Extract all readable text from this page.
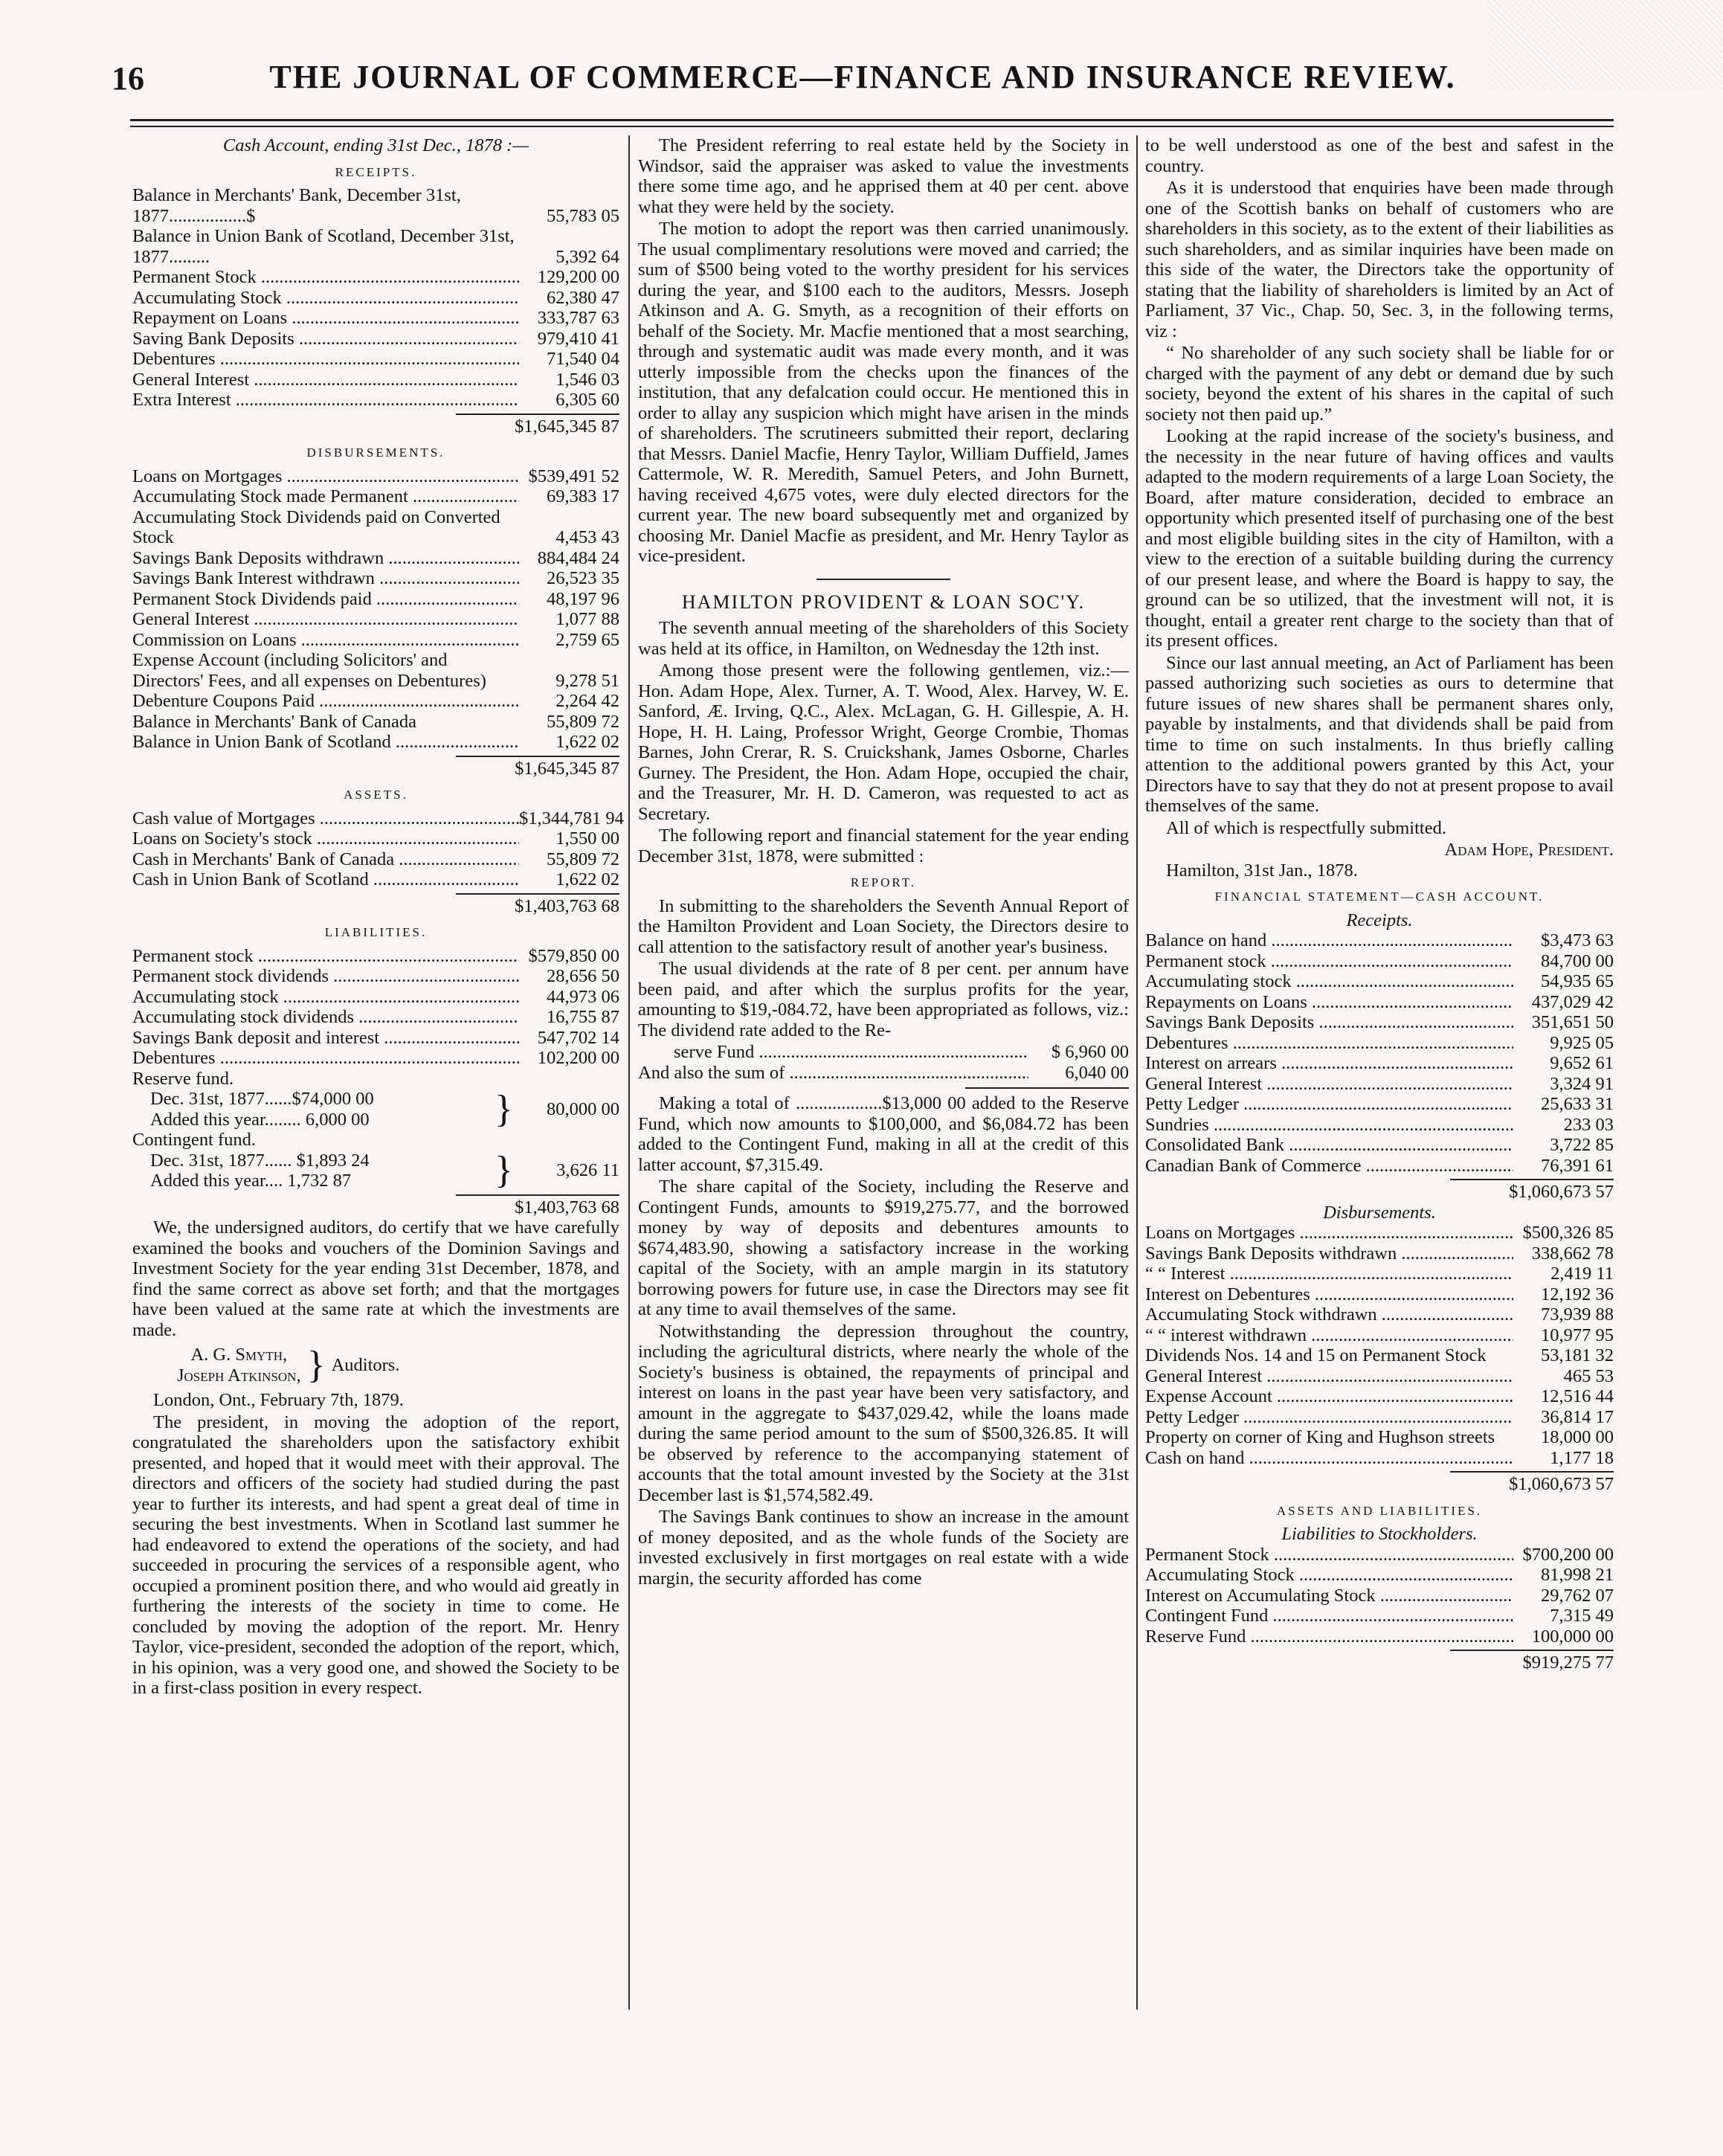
16	THE JOURNAL OF COMMERCE—FINANCE AND INSURANCE REVIEW.
Cash Account, ending 31st Dec., 1878 :—
RECEIPTS.
Balance in Merchants' Bank, December 31st, 1877.................$	55,783 05
Balance in Union Bank of Scotland, December 31st, 1877.........	5,392 64
Permanent Stock .....	129,200 00
Accumulating Stock .....	62,380 47
Repayment on Loans .....	333,787 63
Saving Bank Deposits .....	979,410 41
Debentures .....	71,540 04
General Interest .....	1,546 03
Extra Interest .....	6,305 60
$1,645,345 87
DISBURSEMENTS.
Loans on Mortgages .....	$539,491 52
Accumulating Stock made Permanent .....	69,383 17
Accumulating Stock Dividends paid on Converted Stock	4,453 43
Savings Bank Deposits withdrawn .....	884,484 24
Savings Bank Interest withdrawn .....	26,523 35
Permanent Stock Dividends paid .....	48,197 96
General Interest .....	1,077 88
Commission on Loans .....	2,759 65
Expense Account (including Solicitors' and Directors' Fees, and all expenses on Debentures)	9,278 51
Debenture Coupons Paid .....	2,264 42
Balance in Merchants' Bank of Canada	55,809 72
Balance in Union Bank of Scotland .....	1,622 02
$1,645,345 87
ASSETS.
Cash value of Mortgages .....	$1,344,781 94
Loans on Society's stock .....	1,550 00
Cash in Merchants' Bank of Canada .....	55,809 72
Cash in Union Bank of Scotland .....	1,622 02
$1,403,763 68
LIABILITIES.
Permanent stock .....	$579,850 00
Permanent stock dividends .....	28,656 50
Accumulating stock .....	44,973 06
Accumulating stock dividends .....	16,755 87
Savings Bank deposit and interest .....	547,702 14
Debentures .....	102,200 00
Reserve fund.
Dec. 31st, 1877......$74,000 00
Added this year........ 6,000 00	}	80,000 00
Contingent fund.
Dec. 31st, 1877...... $1,893 24
Added this year.... 1,732 87	}	3,626 11
$1,403,763 68

We, the undersigned auditors, do certify that we have carefully examined the books and vouchers of the Dominion Savings and Investment Society for the year ending 31st December, 1878, and find the same correct as above set forth; and that the mortgages have been valued at the same rate at which the investments are made.

A. G. Smyth,
Joseph Atkinson, } Auditors.

London, Ont., February 7th, 1879.

The president, in moving the adoption of the report, congratulated the shareholders upon the satisfactory exhibit presented, and hoped that it would meet with their approval. The directors and officers of the society had studied during the past year to further its interests, and had spent a great deal of time in securing the best investments. When in Scotland last summer he had endeavored to extend the operations of the society, and had succeeded in procuring the services of a responsible agent, who occupied a prominent position there, and who would aid greatly in furthering the interests of the society in time to come. He concluded by moving the adoption of the report. Mr. Henry Taylor, vice-president, seconded the adoption of the report, which, in his opinion, was a very good one, and showed the Society to be in a first-class position in every respect.

The President referring to real estate held by the Society in Windsor, said the appraiser was asked to value the investments there some time ago, and he apprised them at 40 per cent. above what they were held by the society.

The motion to adopt the report was then carried unanimously. The usual complimentary resolutions were moved and carried; the sum of $500 being voted to the worthy president for his services during the year, and $100 each to the auditors, Messrs. Joseph Atkinson and A. G. Smyth, as a recognition of their efforts on behalf of the Society. Mr. Macfie mentioned that a most searching, through and systematic audit was made every month, and it was utterly impossible from the checks upon the finances of the institution, that any defalcation could occur. He mentioned this in order to allay any suspicion which might have arisen in the minds of shareholders. The scrutineers submitted their report, declaring that Messrs. Daniel Macfie, Henry Taylor, William Duffield, James Cattermole, W. R. Meredith, Samuel Peters, and John Burnett, having received 4,675 votes, were duly elected directors for the current year. The new board subsequently met and organized by choosing Mr. Daniel Macfie as president, and Mr. Henry Taylor as vice-president.

HAMILTON PROVIDENT & LOAN SOC'Y.

The seventh annual meeting of the shareholders of this Society was held at its office, in Hamilton, on Wednesday the 12th inst.

Among those present were the following gentlemen, viz.:—Hon. Adam Hope, Alex. Turner, A. T. Wood, Alex. Harvey, W. E. Sanford, Æ. Irving, Q.C., Alex. McLagan, G. H. Gillespie, A. H. Hope, H. H. Laing, Professor Wright, George Crombie, Thomas Barnes, John Crerar, R. S. Cruickshank, James Osborne, Charles Gurney. The President, the Hon. Adam Hope, occupied the chair, and the Treasurer, Mr. H. D. Cameron, was requested to act as Secretary.

The following report and financial statement for the year ending December 31st, 1878, were submitted :

REPORT.

In submitting to the shareholders the Seventh Annual Report of the Hamilton Provident and Loan Society, the Directors desire to call attention to the satisfactory result of another year's business.

The usual dividends at the rate of 8 per cent. per annum have been paid, and after which the surplus profits for the year, amounting to $19,-084.72, have been appropriated as follows, viz.: The dividend rate added to the Re-

serve Fund .....	$ 6,960 00
And also the sum of .....	6,040 00

Making a total of ...................$13,000 00 added to the Reserve Fund, which now amounts to $100,000, and $6,084.72 has been added to the Contingent Fund, making in all at the credit of this latter account, $7,315.49.

The share capital of the Society, including the Reserve and Contingent Funds, amounts to $919,275.77, and the borrowed money by way of deposits and debentures amounts to $674,483.90, showing a satisfactory increase in the working capital of the Society, with an ample margin in its statutory borrowing powers for future use, in case the Directors may see fit at any time to avail themselves of the same.

Notwithstanding the depression throughout the country, including the agricultural districts, where nearly the whole of the Society's business is obtained, the repayments of principal and interest on loans in the past year have been very satisfactory, and amount in the aggregate to $437,029.42, while the loans made during the same period amount to the sum of $500,326.85. It will be observed by reference to the accompanying statement of accounts that the total amount invested by the Society at the 31st December last is $1,574,582.49.

The Savings Bank continues to show an increase in the amount of money deposited, and as the whole funds of the Society are invested exclusively in first mortgages on real estate with a wide margin, the security afforded has come

to be well understood as one of the best and safest in the country.

As it is understood that enquiries have been made through one of the Scottish banks on behalf of customers who are shareholders in this society, as to the extent of their liabilities as such shareholders, and as similar inquiries have been made on this side of the water, the Directors take the opportunity of stating that the liability of shareholders is limited by an Act of Parliament, 37 Vic., Chap. 50, Sec. 3, in the following terms, viz :

“ No shareholder of any such society shall be liable for or charged with the payment of any debt or demand due by such society, beyond the extent of his shares in the capital of such society not then paid up.”

Looking at the rapid increase of the society's business, and the necessity in the near future of having offices and vaults adapted to the modern requirements of a large Loan Society, the Board, after mature consideration, decided to embrace an opportunity which presented itself of purchasing one of the best and most eligible building sites in the city of Hamilton, with a view to the erection of a suitable building during the currency of our present lease, and where the Board is happy to say, the ground can be so utilized, that the investment will not, it is thought, entail a greater rent charge to the society than that of its present offices.

Since our last annual meeting, an Act of Parliament has been passed authorizing such societies as ours to determine that future issues of new shares shall be permanent shares only, payable by instalments, and that dividends shall be paid from time to time on such instalments. In thus briefly calling attention to the additional powers granted by this Act, your Directors have to say that they do not at present propose to avail themselves of the same.

All of which is respectfully submitted.

Adam Hope, President.

Hamilton, 31st Jan., 1878.

FINANCIAL STATEMENT—CASH ACCOUNT.
Receipts.
Balance on hand .....	$3,473 63
Permanent stock .....	84,700 00
Accumulating stock .....	54,935 65
Repayments on Loans .....	437,029 42
Savings Bank Deposits .....	351,651 50
Debentures .....	9,925 05
Interest on arrears .....	9,652 61
General Interest .....	3,324 91
Petty Ledger .....	25,633 31
Sundries .....	233 03
Consolidated Bank .....	3,722 85
Canadian Bank of Commerce .....	76,391 61
$1,060,673 57
Disbursements.
Loans on Mortgages .....	$500,326 85
Savings Bank Deposits withdrawn .....	338,662 78
“ “ Interest .....	2,419 11
Interest on Debentures .....	12,192 36
Accumulating Stock withdrawn .....	73,939 88
“ “ interest withdrawn .....	10,977 95
Dividends Nos. 14 and 15 on Permanent Stock	53,181 32
General Interest .....	465 53
Expense Account .....	12,516 44
Petty Ledger .....	36,814 17
Property on corner of King and Hughson streets	18,000 00
Cash on hand .....	1,177 18
$1,060,673 57
ASSETS AND LIABILITIES.
Liabilities to Stockholders.
Permanent Stock .....	$700,200 00
Accumulating Stock .....	81,998 21
Interest on Accumulating Stock .....	29,762 07
Contingent Fund .....	7,315 49
Reserve Fund .....	100,000 00
$919,275 77
